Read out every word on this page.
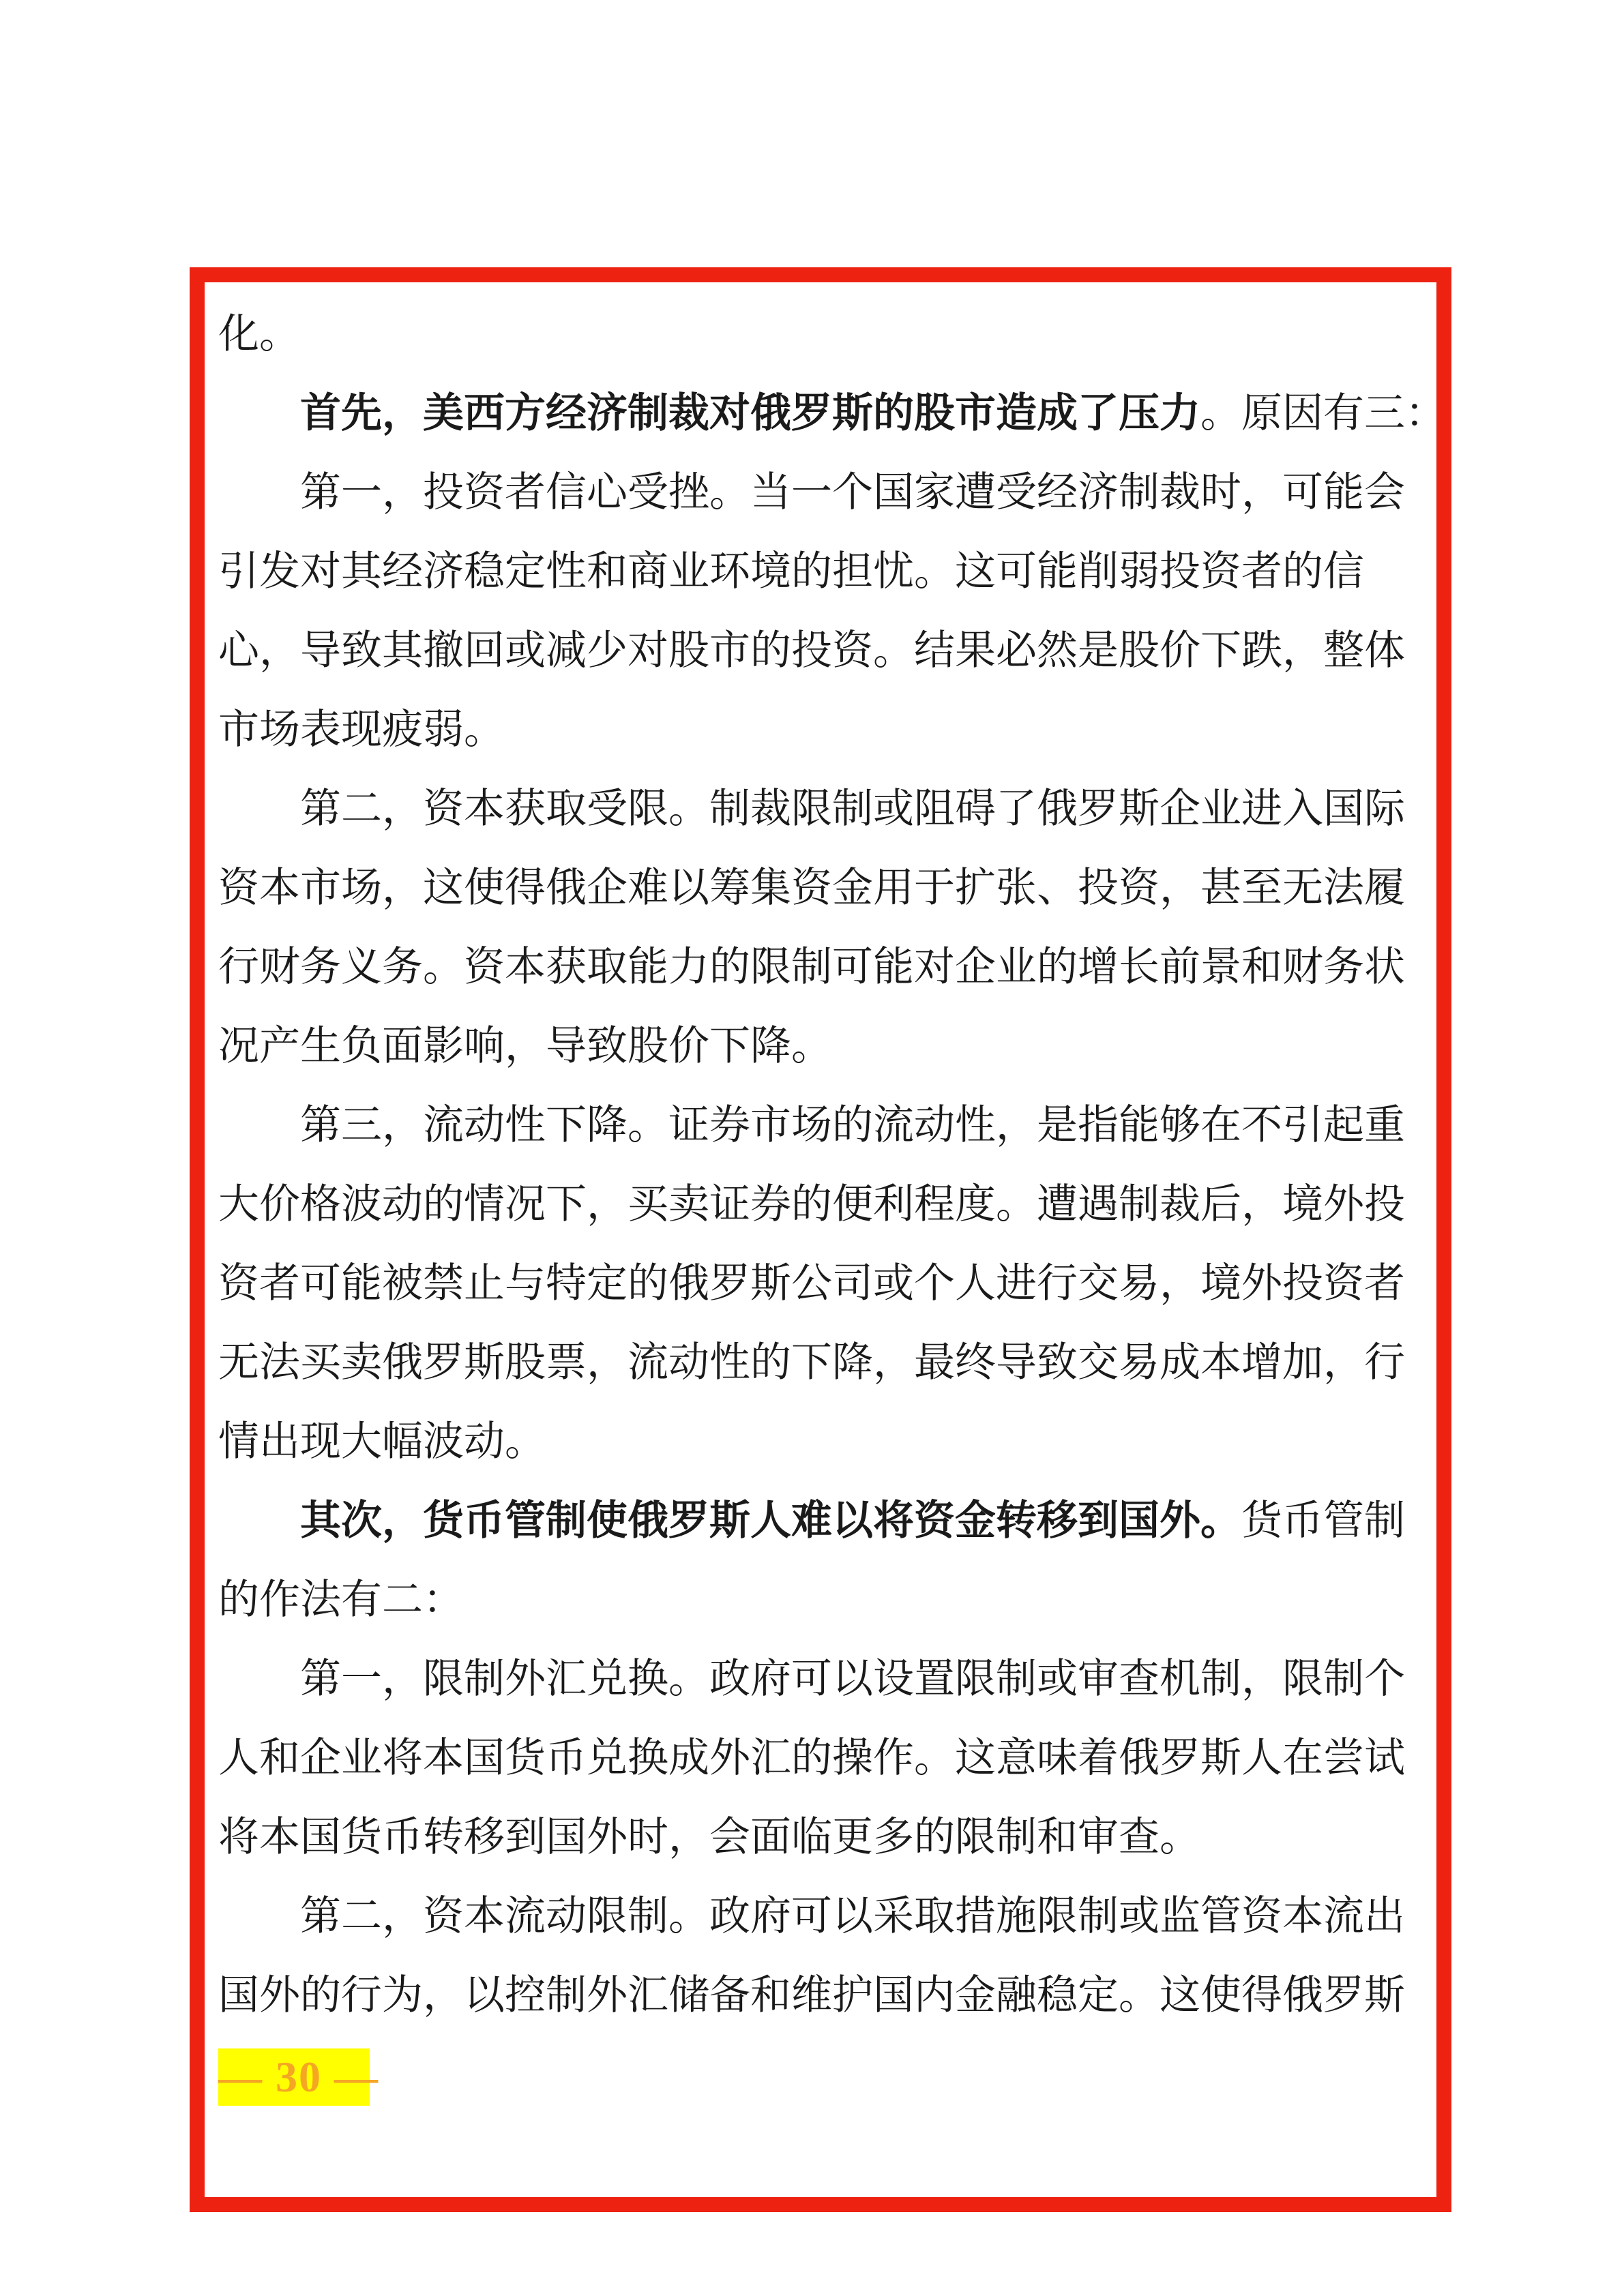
化。
首先，美西方经济制裁对俄罗斯的股市造成了压力。原因有三：
第一，投资者信心受挫。当一个国家遭受经济制裁时，可能会
引发对其经济稳定性和商业环境的担忧。这可能削弱投资者的信
心，导致其撤回或减少对股市的投资。结果必然是股价下跌，整体
市场表现疲弱。
第二，资本获取受限。制裁限制或阻碍了俄罗斯企业进入国际
资本市场，这使得俄企难以筹集资金用于扩张、投资，甚至无法履
行财务义务。资本获取能力的限制可能对企业的增长前景和财务状
况产生负面影响，导致股价下降。
第三，流动性下降。证券市场的流动性，是指能够在不引起重
大价格波动的情况下，买卖证券的便利程度。遭遇制裁后，境外投
资者可能被禁止与特定的俄罗斯公司或个人进行交易，境外投资者
无法买卖俄罗斯股票，流动性的下降，最终导致交易成本增加，行
情出现大幅波动。
其次，货币管制使俄罗斯人难以将资金转移到国外。货币管制
的作法有二：
第一，限制外汇兑换。政府可以设置限制或审查机制，限制个
人和企业将本国货币兑换成外汇的操作。这意味着俄罗斯人在尝试
将本国货币转移到国外时，会面临更多的限制和审查。
第二，资本流动限制。政府可以采取措施限制或监管资本流出
国外的行为，以控制外汇储备和维护国内金融稳定。这使得俄罗斯
— 30 —
